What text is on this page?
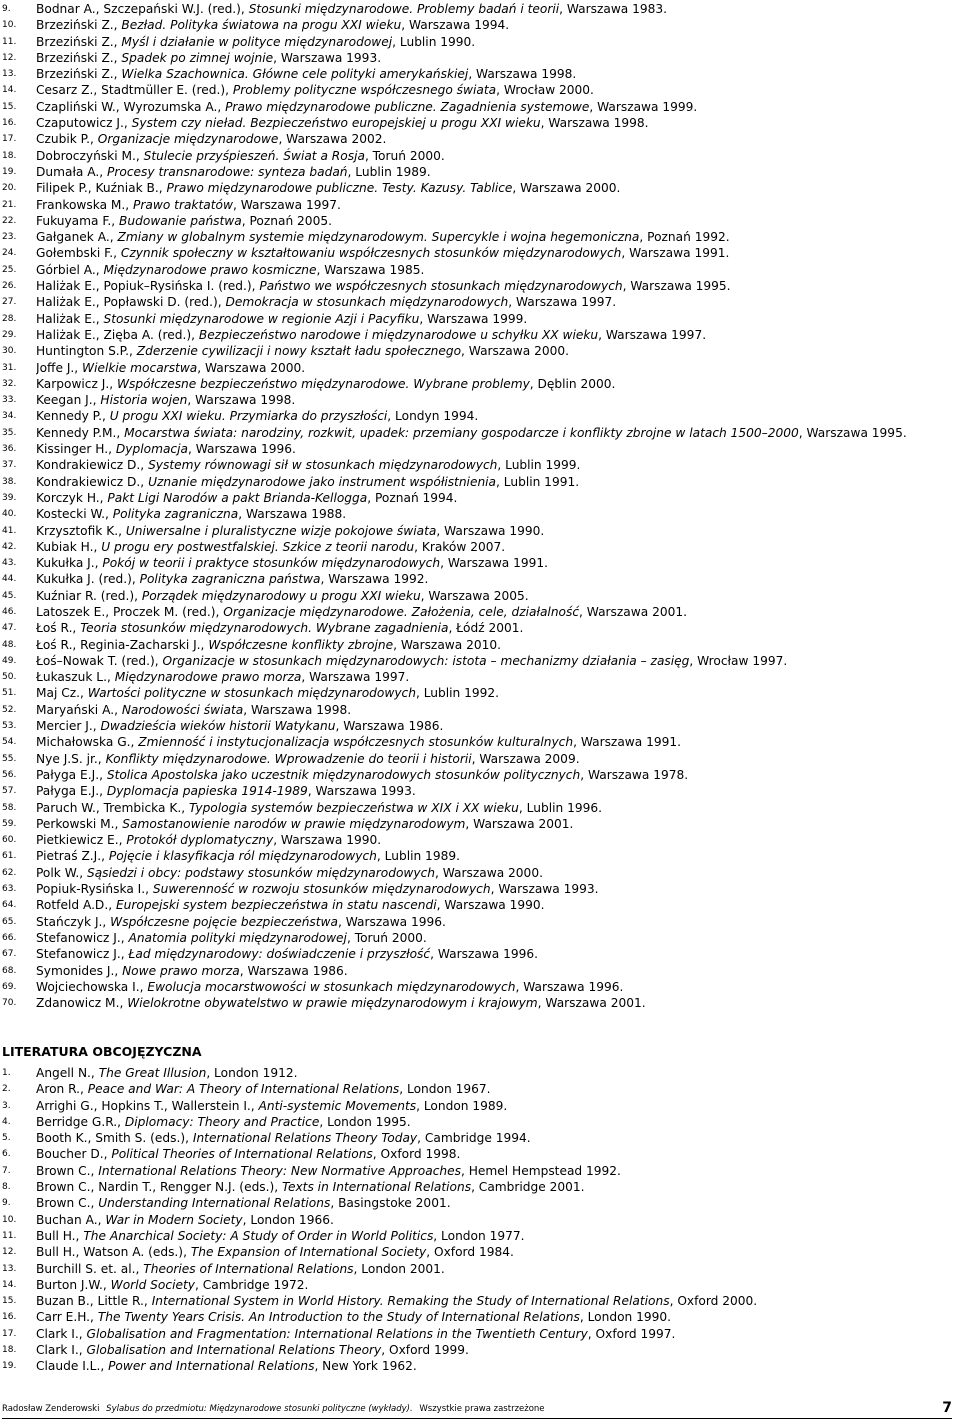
9.	Bodnar A., Szczepański W.J. (red.), Stosunki międzynarodowe. Problemy badań i teorii, Warszawa 1983.
10.	Brzeziński Z., Bezład. Polityka światowa na progu XXI wieku, Warszawa 1994.
11.	Brzeziński Z., Myśl i działanie w polityce międzynarodowej, Lublin 1990.
12.	Brzeziński Z., Spadek po zimnej wojnie, Warszawa 1993.
13.	Brzeziński Z., Wielka Szachownica. Główne cele polityki amerykańskiej, Warszawa 1998.
14.	Cesarz Z., Stadtmüller E. (red.), Problemy polityczne współczesnego świata, Wrocław 2000.
15.	Czapliński W., Wyrozumska A., Prawo międzynarodowe publiczne. Zagadnienia systemowe, Warszawa 1999.
16.	Czaputowicz J., System czy nieład. Bezpieczeństwo europejskiej u progu XXI wieku, Warszawa 1998.
17.	Czubik P., Organizacje międzynarodowe, Warszawa 2002.
18.	Dobroczyński M., Stulecie przyśpieszeń. Świat a Rosja, Toruń 2000.
19.	Dumała A., Procesy transnarodowe: synteza badań, Lublin 1989.
20.	Filipek P., Kuźniak B., Prawo międzynarodowe publiczne. Testy. Kazusy. Tablice, Warszawa 2000.
21.	Frankowska M., Prawo traktatów, Warszawa 1997.
22.	Fukuyama F., Budowanie państwa, Poznań 2005.
23.	Gałganek A., Zmiany w globalnym systemie międzynarodowym. Supercykle i wojna hegemoniczna, Poznań 1992.
24.	Gołembski F., Czynnik społeczny w kształtowaniu współczesnych stosunków międzynarodowych, Warszawa 1991.
25.	Górbiel A., Międzynarodowe prawo kosmiczne, Warszawa 1985.
26.	Haliżak E., Popiuk–Rysińska I. (red.), Państwo we współczesnych stosunkach międzynarodowych, Warszawa 1995.
27.	Haliżak E., Popławski D. (red.), Demokracja w stosunkach międzynarodowych, Warszawa 1997.
28.	Haliżak E., Stosunki międzynarodowe w regionie Azji i Pacyfiku, Warszawa 1999.
29.	Haliżak E., Zięba A. (red.), Bezpieczeństwo narodowe i międzynarodowe u schyłku XX wieku, Warszawa 1997.
30.	Huntington S.P., Zderzenie cywilizacji i nowy kształt ładu społecznego, Warszawa 2000.
31.	Joffe J., Wielkie mocarstwa, Warszawa 2000.
32.	Karpowicz J., Współczesne bezpieczeństwo międzynarodowe. Wybrane problemy, Dęblin 2000.
33.	Keegan J., Historia wojen, Warszawa 1998.
34.	Kennedy P., U progu XXI wieku. Przymiarka do przyszłości, Londyn 1994.
35.	Kennedy P.M., Mocarstwa świata: narodziny, rozkwit, upadek: przemiany gospodarcze i konflikty zbrojne w latach 1500–2000, Warszawa 1995.
36.	Kissinger H., Dyplomacja, Warszawa 1996.
37.	Kondrakiewicz D., Systemy równowagi sił w stosunkach międzynarodowych, Lublin 1999.
38.	Kondrakiewicz D., Uznanie międzynarodowe jako instrument współistnienia, Lublin 1991.
39.	Korczyk H., Pakt Ligi Narodów a pakt Brianda-Kellogga, Poznań 1994.
40.	Kostecki W., Polityka zagraniczna, Warszawa 1988.
41.	Krzysztofik K., Uniwersalne i pluralistyczne wizje pokojowe świata, Warszawa 1990.
42.	Kubiak H., U progu ery postwestfalskiej. Szkice z teorii narodu, Kraków 2007.
43.	Kukułka J., Pokój w teorii i praktyce stosunków międzynarodowych, Warszawa 1991.
44.	Kukułka J. (red.), Polityka zagraniczna państwa, Warszawa 1992.
45.	Kuźniar R. (red.), Porządek międzynarodowy u progu XXI wieku, Warszawa 2005.
46.	Latoszek E., Proczek M. (red.), Organizacje międzynarodowe. Założenia, cele, działalność, Warszawa 2001.
47.	Łoś R., Teoria stosunków międzynarodowych. Wybrane zagadnienia, Łódź 2001.
48.	Łoś R., Reginia-Zacharski J., Współczesne konflikty zbrojne, Warszawa 2010.
49.	Łoś–Nowak T. (red.), Organizacje w stosunkach międzynarodowych: istota – mechanizmy działania – zasięg, Wrocław 1997.
50.	Łukaszuk L., Międzynarodowe prawo morza, Warszawa 1997.
51.	Maj Cz., Wartości polityczne w stosunkach międzynarodowych, Lublin 1992.
52.	Maryański A., Narodowości świata, Warszawa 1998.
53.	Mercier J., Dwadzieścia wieków historii Watykanu, Warszawa 1986.
54.	Michałowska G., Zmienność i instytucjonalizacja współczesnych stosunków kulturalnych, Warszawa 1991.
55.	Nye J.S. jr., Konflikty międzynarodowe. Wprowadzenie do teorii i historii, Warszawa 2009.
56.	Pałyga E.J., Stolica Apostolska jako uczestnik międzynarodowych stosunków politycznych, Warszawa 1978.
57.	Pałyga E.J., Dyplomacja papieska 1914-1989, Warszawa 1993.
58.	Paruch W., Trembicka K., Typologia systemów bezpieczeństwa w XIX i XX wieku, Lublin 1996.
59.	Perkowski M., Samostanowienie narodów w prawie międzynarodowym, Warszawa 2001.
60.	Pietkiewicz E., Protokół dyplomatyczny, Warszawa 1990.
61.	Pietraś Z.J., Pojęcie i klasyfikacja ról międzynarodowych, Lublin 1989.
62.	Polk W., Sąsiedzi i obcy: podstawy stosunków międzynarodowych, Warszawa 2000.
63.	Popiuk-Rysińska I., Suwerenność w rozwoju stosunków międzynarodowych, Warszawa 1993.
64.	Rotfeld A.D., Europejski system bezpieczeństwa in statu nascendi, Warszawa 1990.
65.	Stańczyk J., Współczesne pojęcie bezpieczeństwa, Warszawa 1996.
66.	Stefanowicz J., Anatomia polityki międzynarodowej, Toruń 2000.
67.	Stefanowicz J., Ład międzynarodowy: doświadczenie i przyszłość, Warszawa 1996.
68.	Symonides J., Nowe prawo morza, Warszawa 1986.
69.	Wojciechowska I., Ewolucja mocarstwowości w stosunkach międzynarodowych, Warszawa 1996.
70.	Zdanowicz M., Wielokrotne obywatelstwo w prawie międzynarodowym i krajowym, Warszawa 2001.
LITERATURA OBCOJĘZYCZNA
1.	Angell N., The Great Illusion, London 1912.
2.	Aron R., Peace and War: A Theory of International Relations, London 1967.
3.	Arrighi G., Hopkins T., Wallerstein I., Anti-systemic Movements, London 1989.
4.	Berridge G.R., Diplomacy: Theory and Practice, London 1995.
5.	Booth K., Smith S. (eds.), International Relations Theory Today, Cambridge 1994.
6.	Boucher D., Political Theories of International Relations, Oxford 1998.
7.	Brown C., International Relations Theory: New Normative Approaches, Hemel Hempstead 1992.
8.	Brown C., Nardin T., Rengger N.J. (eds.), Texts in International Relations, Cambridge 2001.
9.	Brown C., Understanding International Relations, Basingstoke 2001.
10.	Buchan A., War in Modern Society, London 1966.
11.	Bull H., The Anarchical Society: A Study of Order in World Politics, London 1977.
12.	Bull H., Watson A. (eds.), The Expansion of International Society, Oxford 1984.
13.	Burchill S. et. al., Theories of International Relations, London 2001.
14.	Burton J.W., World Society, Cambridge 1972.
15.	Buzan B., Little R., International System in World History. Remaking the Study of International Relations, Oxford 2000.
16.	Carr E.H., The Twenty Years Crisis. An Introduction to the Study of International Relations, London 1990.
17.	Clark I., Globalisation and Fragmentation: International Relations in the Twentieth Century, Oxford 1997.
18.	Clark I., Globalisation and International Relations Theory, Oxford 1999.
19.	Claude I.L., Power and International Relations, New York 1962.
Radosław Zenderowski Sylabus do przedmiotu: Międzynarodowe stosunki polityczne (wykłady). Wszystkie prawa zastrzeżone	7
